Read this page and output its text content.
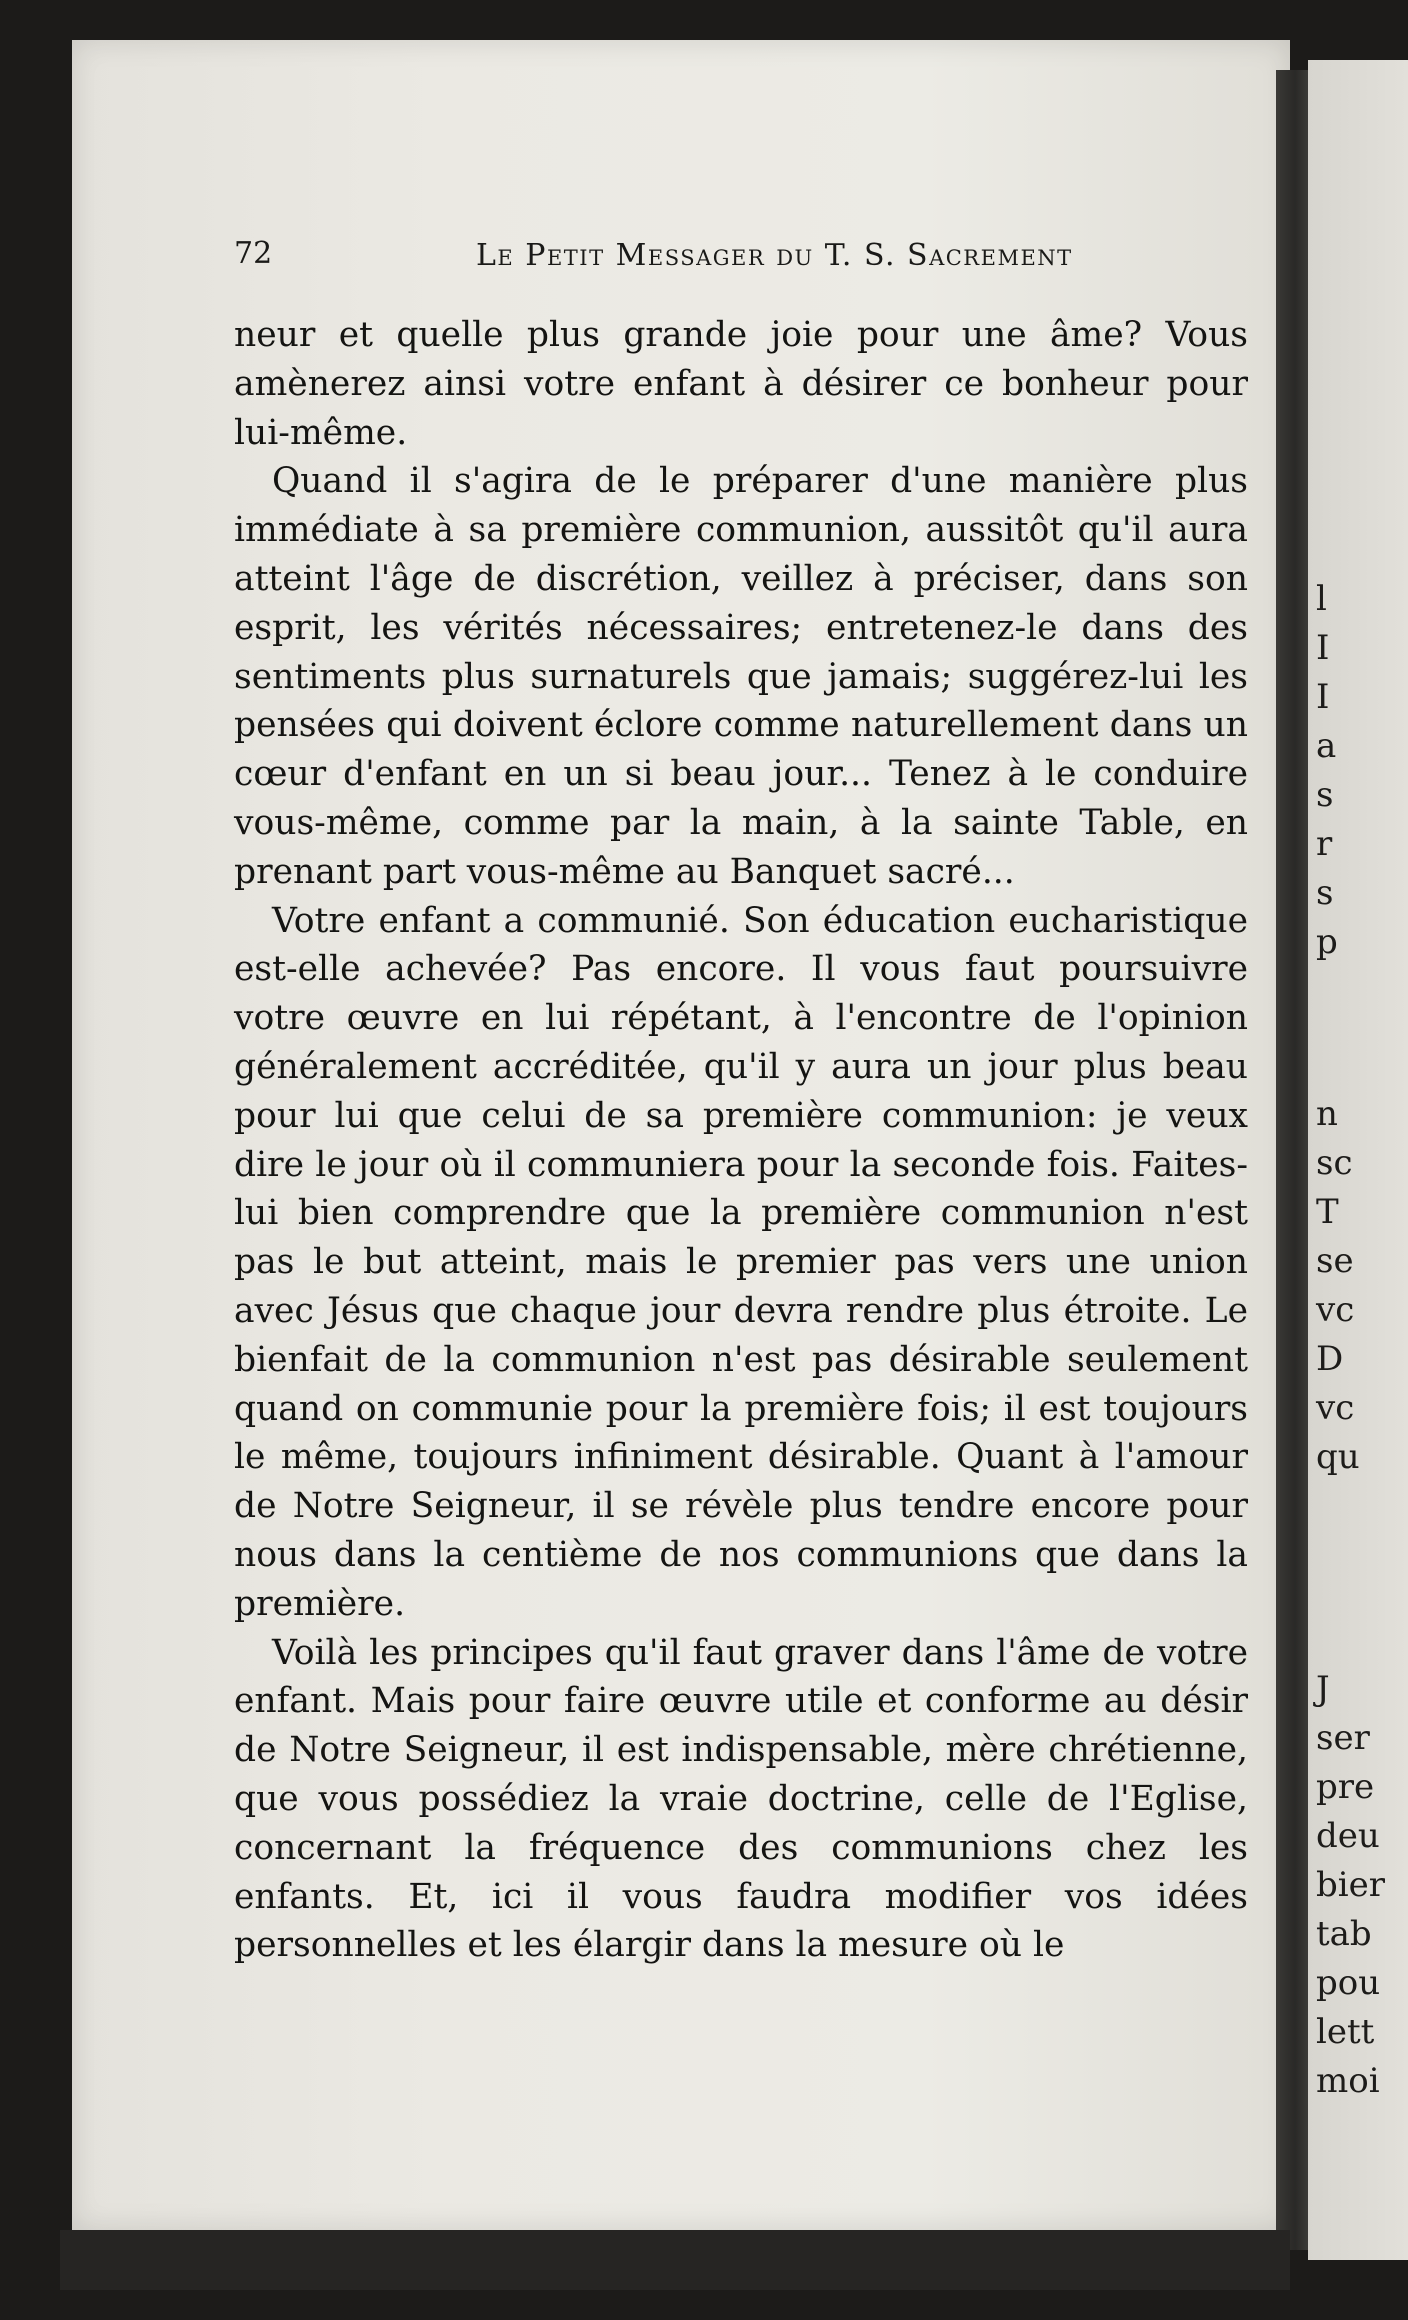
l
I
I
a
s
r
s
p
n
sc
T
se
vc
D
vc
qu
J
ser
pre
deu
bier
tab
pou
lett
moi
72	Le Petit Messager du T. S. Sacrement

neur et quelle plus grande joie pour une âme? Vous amènerez ainsi votre enfant à désirer ce bonheur pour lui-même.

Quand il s'agira de le préparer d'une manière plus immédiate à sa première communion, aussitôt qu'il aura atteint l'âge de discrétion, veillez à préciser, dans son esprit, les vérités nécessaires; entretenez-le dans des sentiments plus surnaturels que jamais; suggérez-lui les pensées qui doivent éclore comme naturellement dans un cœur d'enfant en un si beau jour... Tenez à le conduire vous-même, comme par la main, à la sainte Table, en prenant part vous-même au Banquet sacré...

Votre enfant a communié. Son éducation eucharistique est-elle achevée? Pas encore. Il vous faut poursuivre votre œuvre en lui répétant, à l'encontre de l'opinion généralement accréditée, qu'il y aura un jour plus beau pour lui que celui de sa première communion: je veux dire le jour où il communiera pour la seconde fois. Faites-lui bien comprendre que la première communion n'est pas le but atteint, mais le premier pas vers une union avec Jésus que chaque jour devra rendre plus étroite. Le bienfait de la communion n'est pas désirable seulement quand on communie pour la première fois; il est toujours le même, toujours infiniment désirable. Quant à l'amour de Notre Seigneur, il se révèle plus tendre encore pour nous dans la centième de nos communions que dans la première.

Voilà les principes qu'il faut graver dans l'âme de votre enfant. Mais pour faire œuvre utile et conforme au désir de Notre Seigneur, il est indispensable, mère chrétienne, que vous possédiez la vraie doctrine, celle de l'Eglise, concernant la fréquence des communions chez les enfants. Et, ici il vous faudra modifier vos idées personnelles et les élargir dans la mesure où le
